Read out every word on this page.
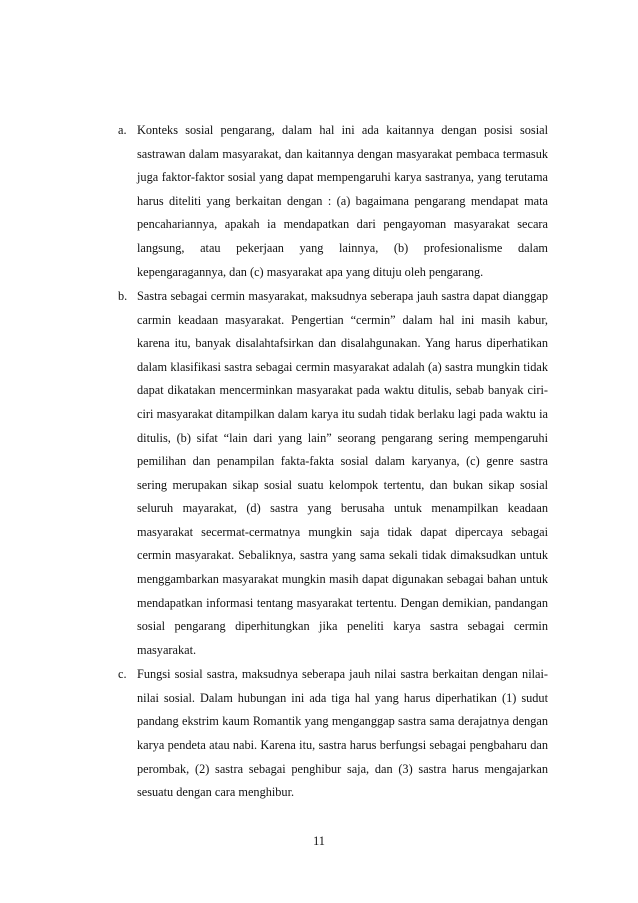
a. Konteks sosial pengarang, dalam hal ini ada kaitannya dengan posisi sosial sastrawan dalam masyarakat, dan kaitannya dengan masyarakat pembaca termasuk juga faktor-faktor sosial yang dapat mempengaruhi karya sastranya, yang terutama harus diteliti yang berkaitan dengan : (a) bagaimana pengarang mendapat mata pencahariannya, apakah ia mendapatkan dari pengayoman masyarakat secara langsung, atau pekerjaan yang lainnya, (b) profesionalisme dalam kepengaragannya, dan (c) masyarakat apa yang dituju oleh pengarang.
b. Sastra sebagai cermin masyarakat, maksudnya seberapa jauh sastra dapat dianggap carmin keadaan masyarakat. Pengertian “cermin” dalam hal ini masih kabur, karena itu, banyak disalahtafsirkan dan disalahgunakan. Yang harus diperhatikan dalam klasifikasi sastra sebagai cermin masyarakat adalah (a) sastra mungkin tidak dapat dikatakan mencerminkan masyarakat pada waktu ditulis, sebab banyak ciri-ciri masyarakat ditampilkan dalam karya itu sudah tidak berlaku lagi pada waktu ia ditulis, (b) sifat “lain dari yang lain” seorang pengarang sering mempengaruhi pemilihan dan penampilan fakta-fakta sosial dalam karyanya, (c) genre sastra sering merupakan sikap sosial suatu kelompok tertentu, dan bukan sikap sosial seluruh mayarakat, (d) sastra yang berusaha untuk menampilkan keadaan masyarakat secermat-cermatnya mungkin saja tidak dapat dipercaya sebagai cermin masyarakat. Sebaliknya, sastra yang sama sekali tidak dimaksudkan untuk menggambarkan masyarakat mungkin masih dapat digunakan sebagai bahan untuk mendapatkan informasi tentang masyarakat tertentu. Dengan demikian, pandangan sosial pengarang diperhitungkan jika peneliti karya sastra sebagai cermin masyarakat.
c. Fungsi sosial sastra, maksudnya seberapa jauh nilai sastra berkaitan dengan nilai-nilai sosial. Dalam hubungan ini ada tiga hal yang harus diperhatikan (1) sudut pandang ekstrim kaum Romantik yang menganggap sastra sama derajatnya dengan karya pendeta atau nabi. Karena itu, sastra harus berfungsi sebagai pengbaharu dan perombak, (2) sastra sebagai penghibur saja, dan (3) sastra harus mengajarkan sesuatu dengan cara menghibur.
11
